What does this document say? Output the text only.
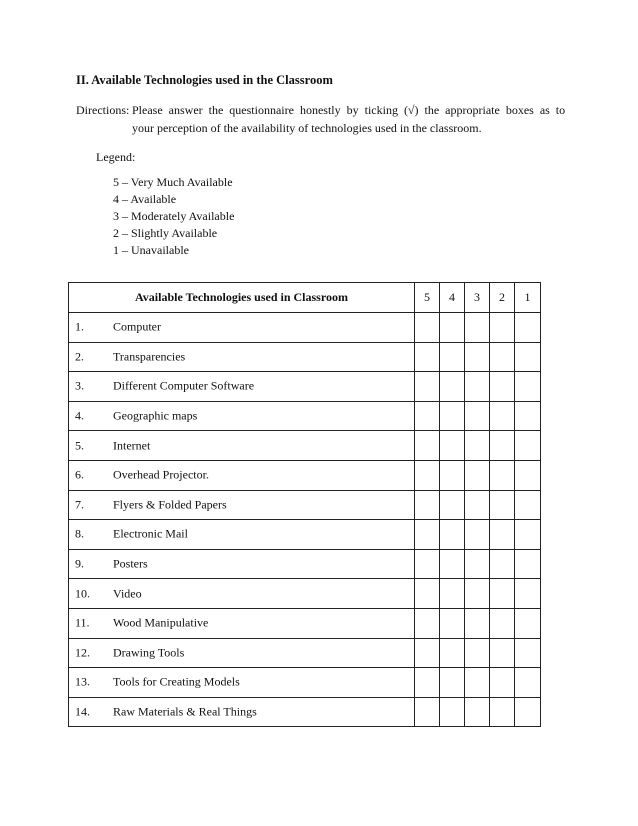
II. Available Technologies used in the Classroom
Directions: Please answer the questionnaire honestly by ticking (√) the appropriate boxes as to
your perception of the availability of technologies used in the classroom.
Legend:
5 – Very Much Available
4 – Available
3 – Moderately Available
2 – Slightly Available
1 – Unavailable
Available Technologies used in Classroom	5	4	3	2	1

1. Computer					

2. Transparencies					

3. Different Computer Software					

4. Geographic maps					

5. Internet					

6. Overhead Projector.					

7. Flyers & Folded Papers					

8. Electronic Mail					

9. Posters					

10. Video					

11. Wood Manipulative					

12. Drawing Tools					

13. Tools for Creating Models					

14. Raw Materials & Real Things					
